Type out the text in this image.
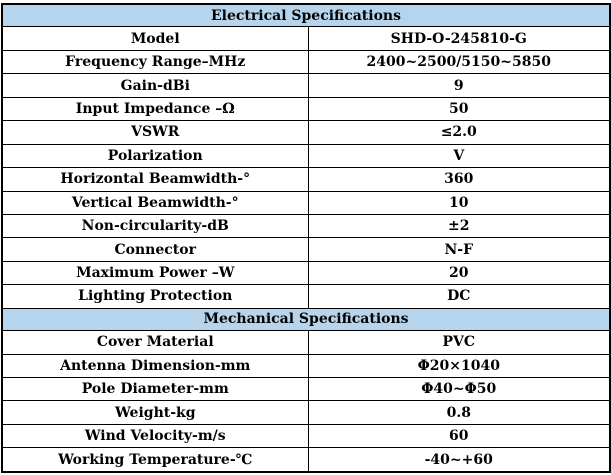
Electrical Specifications	
Model	SHD-O-245810-G
Frequency Range–MHz	2400~2500/5150~5850
Gain-dBi	9
Input Impedance –Ω	50
VSWR	≤2.0
Polarization	V
Horizontal Beamwidth-°	360
Vertical Beamwidth-°	10
Non-circularity-dB	±2
Connector	N-F
Maximum Power –W	20
Lighting Protection	DC
Mechanical Specifications	
Cover Material	PVC
Antenna Dimension-mm	Φ20×1040
Pole Diameter-mm	Φ40~Φ50
Weight-kg	0.8
Wind Velocity-m/s	60
Working Temperature-℃	-40~+60
